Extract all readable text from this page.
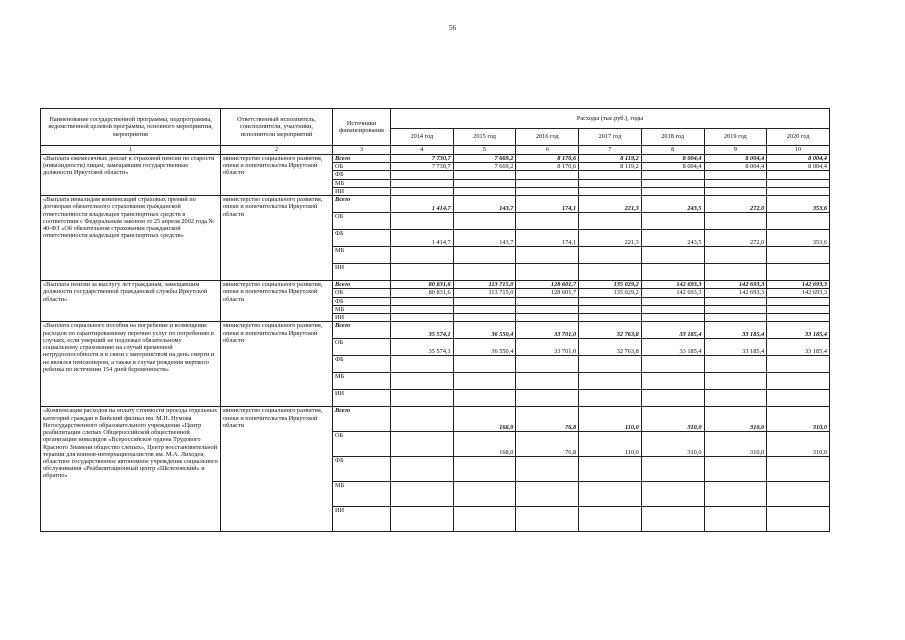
56
Наименование государственной программы, подпрограммы, ведомственной целевой программы, основного мероприятия, мероприятия	Ответственный исполнитель, соисполнители, участники, исполнители мероприятий	Источники финансирования	Расходы (тыс.руб.), годы						
			2014 год	2015 год	2016 год	2017 год	2018 год	2019 год	2020 год
1	2	3	4	5	6	7	8	9	10
«Выплата ежемесячных доплат к страховой пенсии по старости (инвалидности) лицам, замещавшим государственные должности Иркутской области»	министерство социального развития, опеки и попечительства Иркутской области	Всего	7 730,7	7 669,2	8 170,6	8 119,2	8 004,4	8 004,4	8 004,4
		ОБ	7 730,7	7 669,2	8 170,6	8 119,2	8 004,4	8 004,4	8 004,4
		ФБ							
		МБ							
		ИИ							
«Выплата инвалидам компенсаций страховых премий по договорам обязательного страхования гражданской ответственности владельцев транспортных средств в соответствии с Федеральным законом от 25 апреля 2002 года № 40-ФЗ «Об обязательном страховании гражданской ответственности владельцев транспортных средств»	министерство социального развития, опеки и попечительства Иркутской области	Всего	1 414,7	143,7	174,1	221,3	243,5	272,0	353,6
		ОБ							
		ФБ	1 414,7	143,7	174,1	221,3	243,5	272,0	353,6
		МБ							
		ИИ							
«Выплата пенсии за выслугу лет гражданам, замещавшим должности государственной гражданской службы Иркутской области»	министерство социального развития, опеки и попечительства Иркутской области	Всего	80 831,6	113 715,0	128 601,7	135 029,2	142 693,3	142 693,3	142 693,3
		ОБ	80 831,6	113 715,0	128 601,7	135 029,2	142 693,3	142 693,3	142 693,3
		ФБ							
		МБ							
		ИИ							
«Выплата социального пособия на погребение и возмещение расходов по гарантированному перечню услуг по погребению в случаях, если умерший не подлежал обязательному социальному страхованию на случай временной нетрудоспособности и в связи с материнством на день смерти и не являлся пенсионером, а также в случае рождения мертвого ребенка по истечении 154 дней беременности»	министерство социального развития, опеки и попечительства Иркутской области	Всего	35 574,1	36 550,4	33 701,0	32 763,8	33 185,4	33 185,4	33 185,4
		ОБ	35 574,1	36 550,4	33 701,0	32 763,8	33 185,4	33 185,4	33 185,4
		ФБ							
		МБ							
		ИИ							
«Компенсация расходов на оплату стоимости проезда отдельных категорий граждан в Бийский филиал им. М.Н. Нумова Негосударственного образовательного учреждения «Центр реабилитации слепых Общероссийской общественной организации инвалидов «Всероссийское ордена Трудового Красного Знамени общество слепых», Центр восстановительной терапии для воинов-интернационалистов им. М.А. Лиходея, областное государственное автономное учреждение социального обслуживания «Реабилитационный центр «Шелеховский» и обратно»	министерство социального развития, опеки и попечительства Иркутской области	Всего		168,0	76,8	110,0	310,0	310,0	310,0
		ОБ		168,0	76,8	110,0	310,0	310,0	310,0
		ФБ							
		МБ							
		ИИ							
